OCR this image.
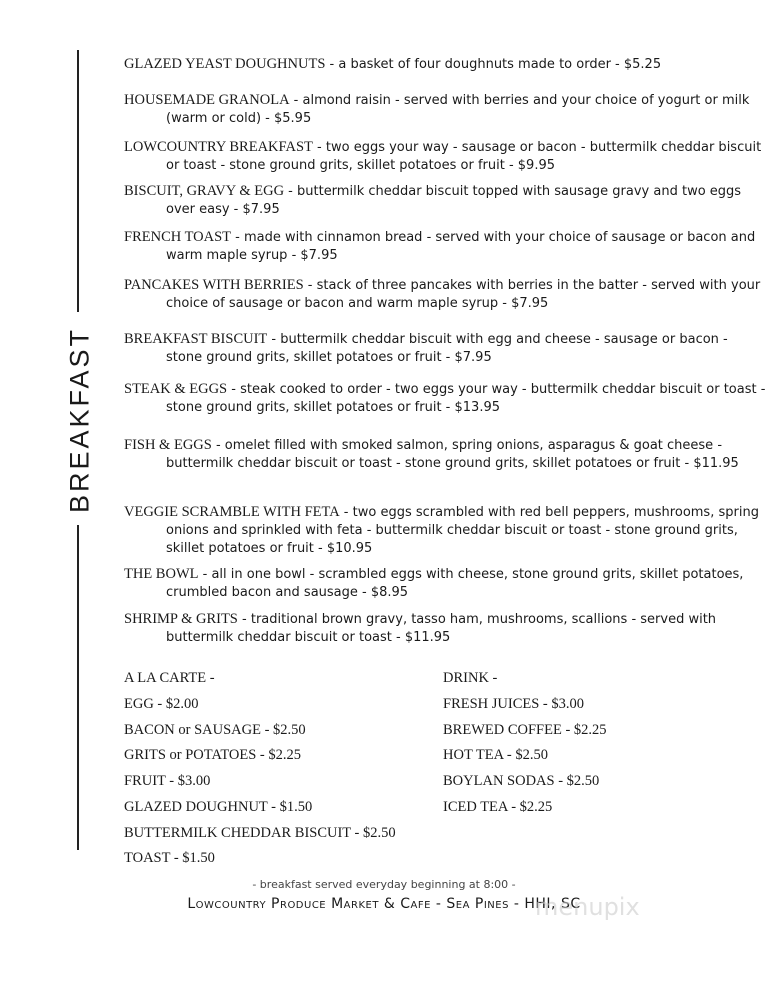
BREAKFAST
GLAZED YEAST DOUGHNUTS - a basket of four doughnuts made to order - $5.25
HOUSEMADE GRANOLA - almond raisin - served with berries and your choice of yogurt or milk (warm or cold) - $5.95
LOWCOUNTRY BREAKFAST - two eggs your way - sausage or bacon - buttermilk cheddar biscuit or toast - stone ground grits, skillet potatoes or fruit - $9.95
BISCUIT, GRAVY & EGG - buttermilk cheddar biscuit topped with sausage gravy and two eggs over easy - $7.95
FRENCH TOAST - made with cinnamon bread - served with your choice of sausage or bacon and warm maple syrup - $7.95
PANCAKES WITH BERRIES - stack of three pancakes with berries in the batter - served with your choice of sausage or bacon and warm maple syrup - $7.95
BREAKFAST BISCUIT - buttermilk cheddar biscuit with egg and cheese - sausage or bacon - stone ground grits, skillet potatoes or fruit - $7.95
STEAK & EGGS - steak cooked to order - two eggs your way - buttermilk cheddar biscuit or toast - stone ground grits, skillet potatoes or fruit - $13.95
FISH & EGGS - omelet filled with smoked salmon, spring onions, asparagus & goat cheese - buttermilk cheddar biscuit or toast - stone ground grits, skillet potatoes or fruit - $11.95
VEGGIE SCRAMBLE WITH FETA - two eggs scrambled with red bell peppers, mushrooms, spring onions and sprinkled with feta - buttermilk cheddar biscuit or toast - stone ground grits, skillet potatoes or fruit - $10.95
THE BOWL - all in one bowl - scrambled eggs with cheese, stone ground grits, skillet potatoes, crumbled bacon and sausage - $8.95
SHRIMP & GRITS - traditional brown gravy, tasso ham, mushrooms, scallions - served with buttermilk cheddar biscuit or toast - $11.95
A LA CARTE -
EGG - $2.00
BACON or SAUSAGE - $2.50
GRITS or POTATOES - $2.25
FRUIT - $3.00
GLAZED DOUGHNUT - $1.50
BUTTERMILK CHEDDAR BISCUIT - $2.50
TOAST - $1.50
DRINK -
FRESH JUICES - $3.00
BREWED COFFEE - $2.25
HOT TEA - $2.50
BOYLAN SODAS - $2.50
ICED TEA - $2.25
- breakfast served everyday beginning at 8:00 -
Lowcountry Produce Market & Cafe - Sea Pines - HHI, SC
menupix
